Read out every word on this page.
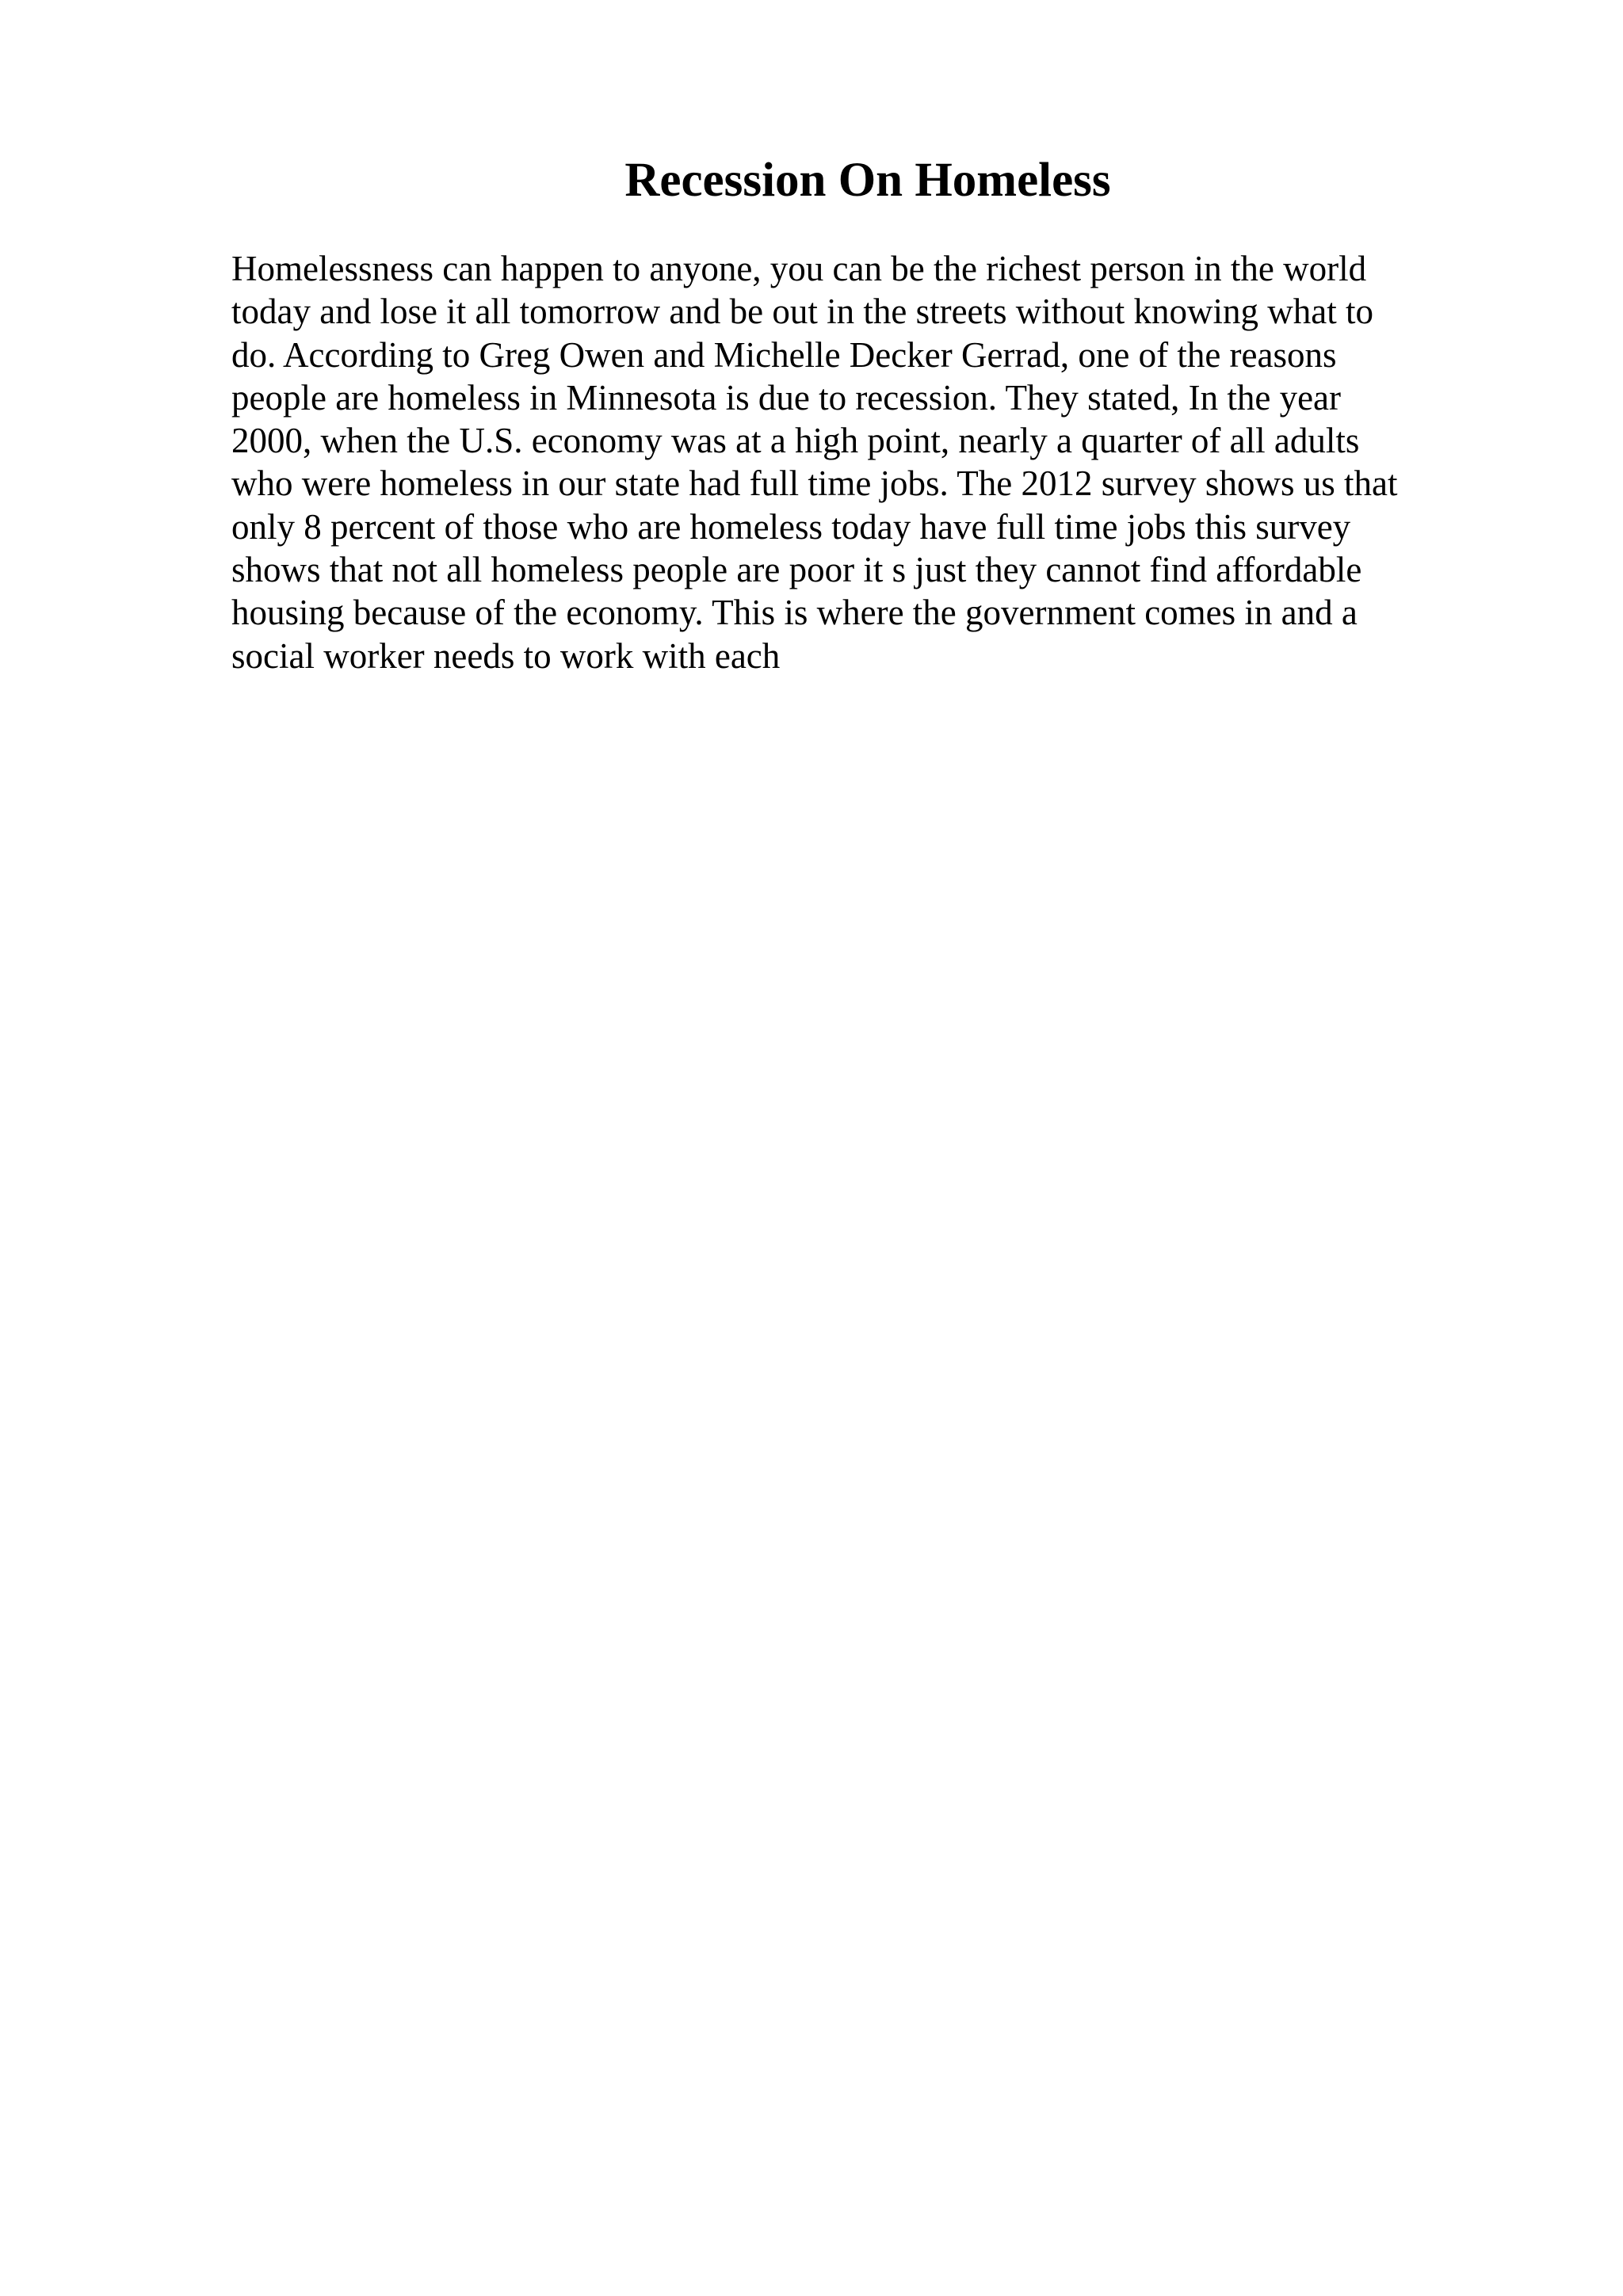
Recession On Homeless
Homelessness can happen to anyone, you can be the richest person in the world
today and lose it all tomorrow and be out in the streets without knowing what to
do. According to Greg Owen and Michelle Decker Gerrad, one of the reasons
people are homeless in Minnesota is due to recession. They stated, In the year
2000, when the U.S. economy was at a high point, nearly a quarter of all adults
who were homeless in our state had full time jobs. The 2012 survey shows us that
only 8 percent of those who are homeless today have full time jobs this survey
shows that not all homeless people are poor it s just they cannot find affordable
housing because of the economy. This is where the government comes in and a
social worker needs to work with each
